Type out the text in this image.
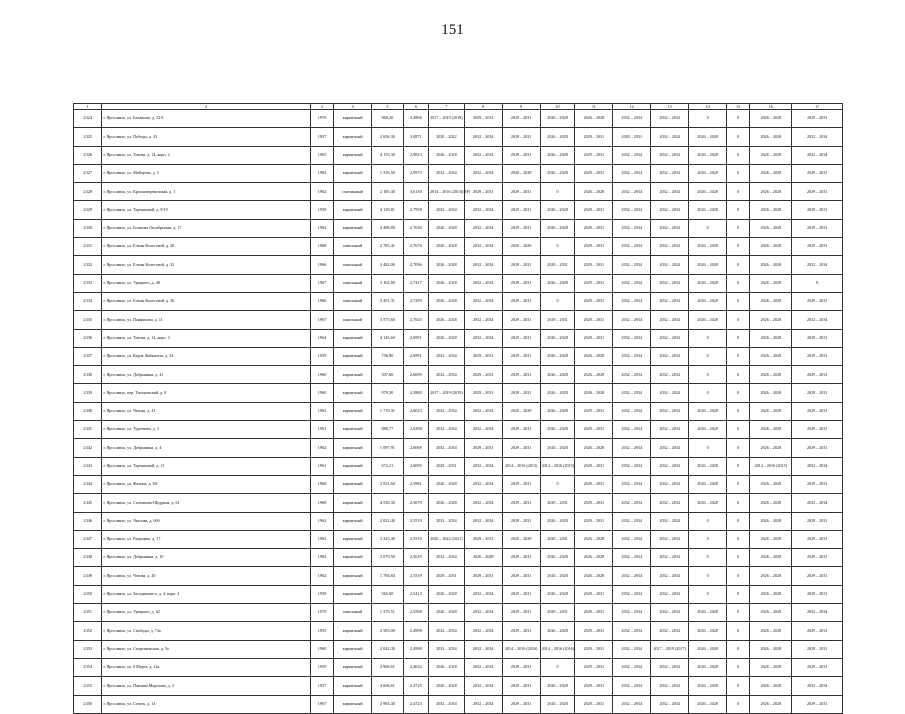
151
1	2	3	4	5	6	7	8	9	10	11	12	13	14	15	16	17
2324	г. Ярославль, ул. Балашова, д. 32А	1970	кирпичный	968,20	3,4806	2017 – 2019 (2018)	2029 – 2031	2029 – 2031	2026 – 2028	2026 – 2028	2032 – 2034	2032 – 2034	0	0	2026 – 2028	2029 – 2031
2325	г. Ярославль, ул. Победы, д. 43	1957	кирпичный	2 656,30	3,0871	2020 – 2022	2032 – 2034	2029 – 2031	2026 – 2028	2029 – 2031	2029 – 2031	2032 – 2034	2026 – 2028	0	2026 – 2028	2032 – 2034
2326	г. Ярославль, ул. Титова, д. 14, корп. 2	1965	кирпичный	4 153,30	2,9823	2026 – 2028	2032 – 2034	2029 – 2031	2026 – 2028	2029 – 2031	2032 – 2034	2032 – 2034	2026 – 2028	0	2026 – 2028	2032 – 2034
2327	г. Ярославль, ул. Майорова, д. 5	1962	кирпичный	1 316,50	2,9973	2032 – 2034	2032 – 2034	2026 – 2028	2026 – 2028	2029 – 2031	2032 – 2034	2032 – 2034	2026 – 2028	0	2026 – 2028	2029 – 2031
2328	г. Ярославль, ул. Красноперекопская, д. 1	1962	смешанный	2 185,40	3,6130	2014 – 2016 (2015)(ВР)	2029 – 2031	2029 – 2031	0	2026 – 2028	2032 – 2034	2032 – 2034	2026 – 2028	0	2026 – 2028	2029 – 2031
2329	г. Ярославль, ул. Терешковой, д. 9/19	1958	кирпичный	4 129,81	2,7958	2032 – 2034	2032 – 2034	2029 – 2031	2026 – 2028	2029 – 2031	2032 – 2034	2032 – 2034	2026 – 2028	0	2026 – 2028	2029 – 2031
2330	г. Ярославль, ул. Большая Октябрьская, д. 17	1962	кирпичный	4 488,80	2,7636	2026 – 2028	2032 – 2034	2029 – 2031	2026 – 2028	2029 – 2031	2032 – 2034	2032 – 2034	0	0	2026 – 2028	2029 – 2031
2331	г. Ярославль, ул. Елены Колесовой, д. 20	1968	панельный	2 785,41	2,7676	2026 – 2028	2032 – 2034	2026 – 2028	0	2029 – 2031	2032 – 2034	2032 – 2034	2026 – 2028	0	2026 – 2028	2029 – 2031
2332	г. Ярославль, ул. Елены Колесовой, д. 32	1966	панельный	3 482,00	2,7096	2026 – 2028	2032 – 2034	2029 – 2031	2029 – 2031	2029 – 2031	2032 – 2034	2032 – 2034	2026 – 2028	0	2026 – 2028	2032 – 2034
2333	г. Ярославль, ул. Урицкого, д. 48	1967	панельный	3 162,80	2,7417	2026 – 2028	2032 – 2034	2029 – 2031	2026 – 2028	2029 – 2031	2032 – 2034	2032 – 2034	2026 – 2028	0	2026 – 2028	0
2334	г. Ярославль, ул. Елены Колесовой, д. 36	1966	панельный	2 451,31	2,7299	2026 – 2028	2032 – 2034	2029 – 2031	0	2029 – 2031	2032 – 2034	2032 – 2034	2026 – 2028	0	2026 – 2028	2029 – 2031
2335	г. Ярославль, ул. Панфилова, д. 11	1967	панельный	3 575,60	2,7025	2026 – 2028	2032 – 2034	2029 – 2031	2029 – 2031	2029 – 2031	2032 – 2034	2032 – 2034	2026 – 2028	0	2026 – 2028	2032 – 2034
2336	г. Ярославль, ул. Титова, д. 14, корп. 3	1964	кирпичный	4 145,60	2,6991	2026 – 2028	2032 – 2034	2029 – 2031	2026 – 2028	2029 – 2031	2032 – 2034	2032 – 2034	0	0	2026 – 2028	2029 – 2031
2337	г. Ярославль, ул. Карла Либкнехта, д. 32	1959	кирпичный	756,80	2,6991	2032 – 2034	2029 – 2031	2029 – 2031	2026 – 2028	2026 – 2028	2032 – 2034	2032 – 2034	0	0	2026 – 2028	2029 – 2031
2338	г. Ярославль, ул. Добрынина, д. 41	1960	кирпичный	507,60	2,6690	2032 – 2034	2029 – 2031	2029 – 2031	2026 – 2028	2026 – 2028	2032 – 2034	2032 – 2034	0	0	2026 – 2028	2029 – 2031
2339	г. Ярославль, пер. Тихоновский, д. 8	1960	кирпичный	979,30	2,5880	2017 – 2019 (2019)	2029 – 2031	2029 – 2031	2026 – 2028	2026 – 2028	2032 – 2034	2032 – 2034	0	0	2026 – 2028	2029 – 2031
2340	г. Ярославль, ул. Чехова, д. 41	1962	кирпичный	1 719,31	2,6023	2032 – 2034	2032 – 2034	2026 – 2028	2026 – 2028	2029 – 2031	2032 – 2034	2032 – 2034	2026 – 2028	0	2026 – 2028	2029 – 2031
2341	г. Ярославль, ул. Тургенева, д. 3	1961	кирпичный	880,77	2,6398	2032 – 2034	2032 – 2034	2029 – 2031	2026 – 2028	2029 – 2031	2032 – 2034	2032 – 2034	2026 – 2028	0	2026 – 2028	2029 – 2031
2342	г. Ярославль, ул. Добрынина, д. 4	1962	кирпичный	1 097,91	2,6069	2032 – 2034	2029 – 2031	2029 – 2031	2026 – 2028	2026 – 2028	2032 – 2034	2032 – 2034	0	0	2026 – 2028	2029 – 2031
2343	г. Ярославль, ул. Терешковой, д. 11	1961	кирпичный	672,21	2,6099	2029 – 2031	2032 – 2034	2014 – 2016 (2015)	2014 – 2016 (2015)	2029 – 2031	2032 – 2034	2032 – 2034	2026 – 2028	0	2014 – 2016 (2015)	2032 – 2034
2344	г. Ярославль, ул. Фалина, д. 8А	1968	кирпичный	2 931,60	2,5981	2026 – 2028	2032 – 2034	2029 – 2031	0	2029 – 2031	2032 – 2034	2032 – 2034	2026 – 2028	0	2026 – 2028	2029 – 2031
2345	г. Ярославль, ул. Салтыкова-Щедрина, д. 61	1968	кирпичный	4 530,30	2,5679	2026 – 2028	2032 – 2034	2029 – 2031	2029 – 2031	2029 – 2031	2032 – 2034	2032 – 2034	2026 – 2028	0	2026 – 2028	2032 – 2034
2346	г. Ярославль, ул. Чкалова, д. 60б	1962	кирпичный	2 022,40	2,5519	2032 – 2034	2032 – 2034	2029 – 2031	2026 – 2028	2029 – 2031	2032 – 2034	2032 – 2034	0	0	2026 – 2028	2029 – 2031
2347	г. Ярославль, ул. Радищева, д. 17	1962	кирпичный	3 225,40	2,5519	2020 – 2022 (2021)	2029 – 2031	2026 – 2028	2029 – 2031	2026 – 2028	2032 – 2034	2032 – 2034	0	0	2026 – 2028	2029 – 2031
2348	г. Ярославль, ул. Добрынина, д. 10	1962	кирпичный	2 079,50	2,5619	2032 – 2034	2026 – 2028	2029 – 2031	2026 – 2028	2026 – 2028	2032 – 2034	2032 – 2034	0	0	2026 – 2028	2029 – 2031
2349	г. Ярославль, ул. Чехова, д. 20	1962	кирпичный	1 794,84	2,5519	2029 – 2031	2029 – 2031	2029 – 2031	2026 – 2028	2026 – 2028	2032 – 2034	2032 – 2034	0	0	2026 – 2028	2029 – 2031
2350	г. Ярославль, ул. Засодимского, д. 4, корп. 2	1958	кирпичный	565,60	2,5413	2026 – 2028	2032 – 2034	2029 – 2031	2026 – 2028	2029 – 2031	2032 – 2034	2032 – 2034	0	0	2026 – 2028	2029 – 2031
2351	г. Ярославль, ул. Урицкого, д. 62	1970	панельный	1 370,51	2,5598	2026 – 2028	2032 – 2034	2029 – 2031	2029 – 2031	2029 – 2031	2032 – 2034	2032 – 2034	2026 – 2028	0	2026 – 2028	2032 – 2034
2352	г. Ярославль, ул. Свободы, д. 74а	1955	кирпичный	2 583,00	2,4998	2032 – 2034	2032 – 2034	2029 – 2031	2026 – 2028	2029 – 2031	2032 – 2034	2032 – 2034	2026 – 2028	0	2026 – 2028	2029 – 2031
2353	г. Ярославль, ул. Спартаковская, д. 5а	1960	кирпичный	2 042,30	2,4988	2032 – 2034	2032 – 2034	2014 – 2016 (2016)	2014 – 2016 (2016)	2029 – 2031	2032 – 2034	2017 – 2019 (2017)	2026 – 2028	0	2026 – 2028	2029 – 2031
2354	г. Ярославль, ул. 8 Марта, д. 12а	1959	кирпичный	2 906,61	2,4632	2026 – 2028	2032 – 2034	2029 – 2031	0	2029 – 2031	2032 – 2034	2032 – 2034	2026 – 2028	0	2026 – 2028	2029 – 2031
2355	г. Ярославль, ул. Павлика Морозова, д. 3	1957	кирпичный	4 606,61	2,4725	2026 – 2028	2032 – 2034	2029 – 2031	2026 – 2028	2029 – 2031	2032 – 2034	2032 – 2034	2026 – 2028	0	2026 – 2028	2032 – 2034
2356	г. Ярославль, ул. Стачек, д. 14	1967	кирпичный	2 983,40	2,4723	2032 – 2034	2032 – 2034	2029 – 2031	2026 – 2028	2029 – 2031	2032 – 2034	2032 – 2034	2026 – 2028	0	2026 – 2028	2029 – 2031
